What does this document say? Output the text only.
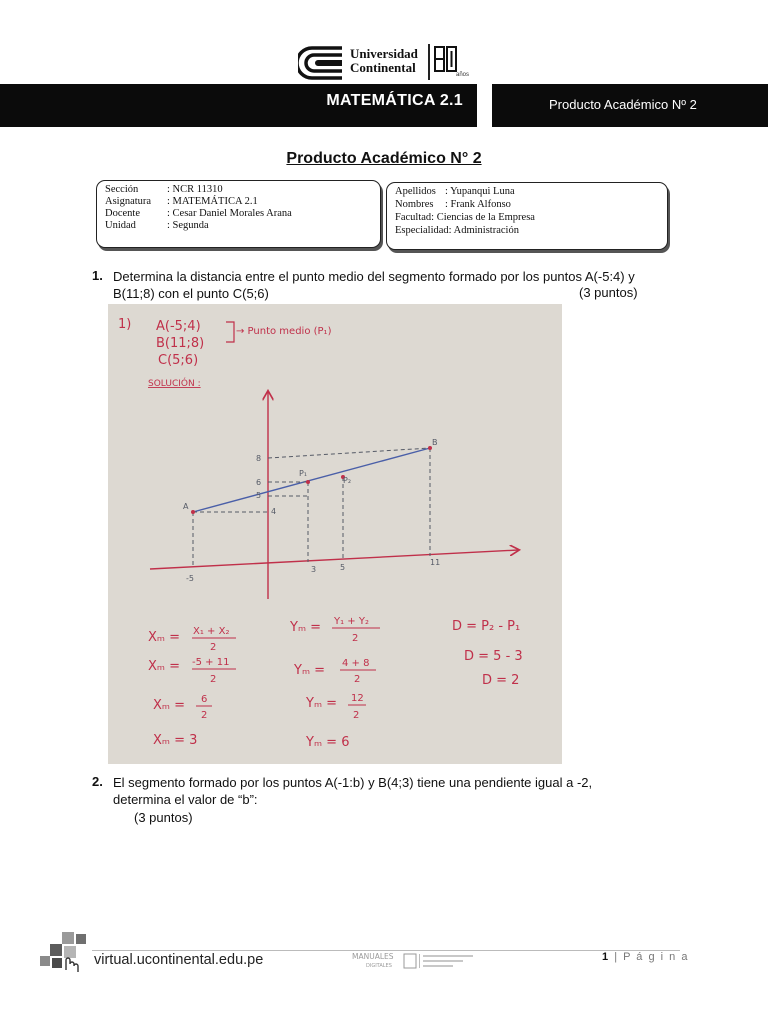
Universidad
Continental	años
MATEMÁTICA 2.1	Producto Académico Nº 2
Producto Académico N° 2
Sección	: NCR 11310
Asignatura : MATEMÁTICA 2.1
Docente	: Cesar Daniel Morales Arana
Unidad	: Segunda
Apellidos : Yupanqui Luna
Nombres : Frank Alfonso
Facultad: Ciencias de la Empresa
Especialidad: Administración
1. Determina la distancia entre el punto medio del segmento formado por los puntos A(-5:4) y
B(11;8) con el punto C(5;6)	(3 puntos)
1) A(-5;4)
B(11;8)
C(5;6)
→ Punto medio (P₁)
SOLUCIÓN :
A
B
P₁
P₂
8
6
5
4
-5
3	5
11
Xₘ = X₁ + X₂
2
Xₘ = -5 + 11
2
Xₘ = 6
2
Xₘ = 3
Yₘ = Y₁ + Y₂
2
Yₘ = 4 + 8
2
Yₘ = 12
2
Yₘ = 6
D = P₂ - P₁
D = 5 - 3
D = 2
2. El segmento formado por los puntos A(-1:b) y B(4;3) tiene una pendiente igual a -2,
determina el valor de “b”:
(3 puntos)
virtual.ucontinental.edu.pe	MANUALES
DIGITALES
1 | P á g i n a
